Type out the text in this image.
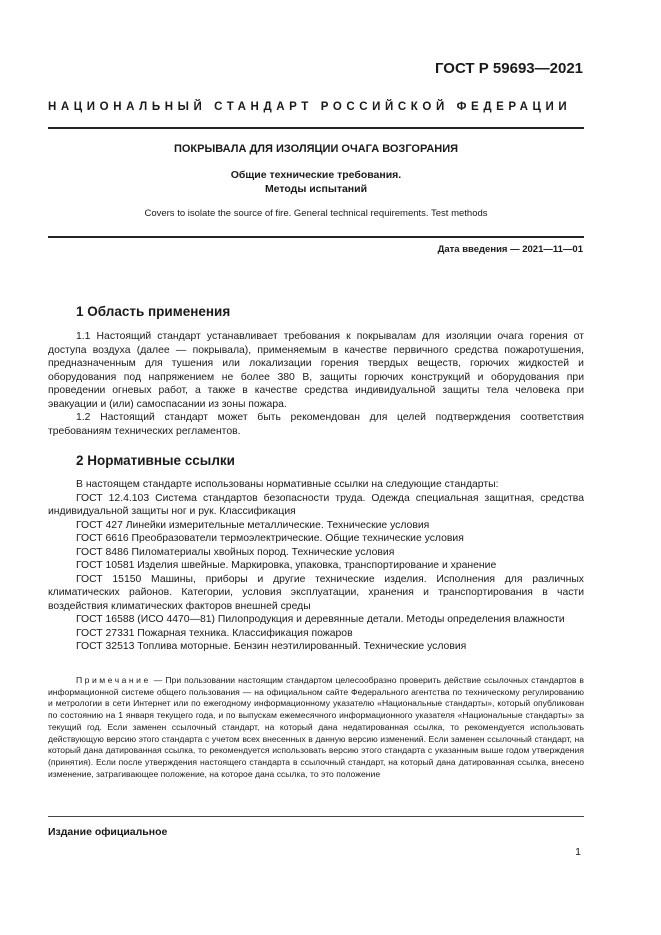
ГОСТ Р 59693—2021
НАЦИОНАЛЬНЫЙ СТАНДАРТ РОССИЙСКОЙ ФЕДЕРАЦИИ
ПОКРЫВАЛА ДЛЯ ИЗОЛЯЦИИ ОЧАГА ВОЗГОРАНИЯ
Общие технические требования.
Методы испытаний
Covers to isolate the source of fire. General technical requirements. Test methods
Дата введения — 2021—11—01
1 Область применения

1.1 Настоящий стандарт устанавливает требования к покрывалам для изоляции очага горения от доступа воздуха (далее — покрывала), применяемым в качестве первичного средства пожаротушения, предназначенным для тушения или локализации горения твердых веществ, горючих жидкостей и оборудования под напряжением не более 380 В, защиты горючих конструкций и оборудования при проведении огневых работ, а также в качестве средства индивидуальной защиты тела человека при эвакуации и (или) самоспасании из зоны пожара.

1.2 Настоящий стандарт может быть рекомендован для целей подтверждения соответствия требованиям технических регламентов.

2 Нормативные ссылки

В настоящем стандарте использованы нормативные ссылки на следующие стандарты:

ГОСТ 12.4.103 Система стандартов безопасности труда. Одежда специальная защитная, средства индивидуальной защиты ног и рук. Классификация

ГОСТ 427 Линейки измерительные металлические. Технические условия

ГОСТ 6616 Преобразователи термоэлектрические. Общие технические условия

ГОСТ 8486 Пиломатериалы хвойных пород. Технические условия

ГОСТ 10581 Изделия швейные. Маркировка, упаковка, транспортирование и хранение

ГОСТ 15150 Машины, приборы и другие технические изделия. Исполнения для различных климатических районов. Категории, условия эксплуатации, хранения и транспортирования в части воздействия климатических факторов внешней среды

ГОСТ 16588 (ИСО 4470—81) Пилопродукция и деревянные детали. Методы определения влажности

ГОСТ 27331 Пожарная техника. Классификация пожаров

ГОСТ 32513 Топлива моторные. Бензин неэтилированный. Технические условия

Примечание — При пользовании настоящим стандартом целесообразно проверить действие ссылочных стандартов в информационной системе общего пользования — на официальном сайте Федерального агентства по техническому регулированию и метрологии в сети Интернет или по ежегодному информационному указателю «Национальные стандарты», который опубликован по состоянию на 1 января текущего года, и по выпускам ежемесячного информационного указателя «Национальные стандарты» за текущий год. Если заменен ссылочный стандарт, на который дана недатированная ссылка, то рекомендуется использовать действующую версию этого стандарта с учетом всех внесенных в данную версию изменений. Если заменен ссылочный стандарт, на который дана датированная ссылка, то рекомендуется использовать версию этого стандарта с указанным выше годом утверждения (принятия). Если после утверждения настоящего стандарта в ссылочный стандарт, на который дана датированная ссылка, внесено изменение, затрагивающее положение, на которое дана ссылка, то это положение
Издание официальное
1
